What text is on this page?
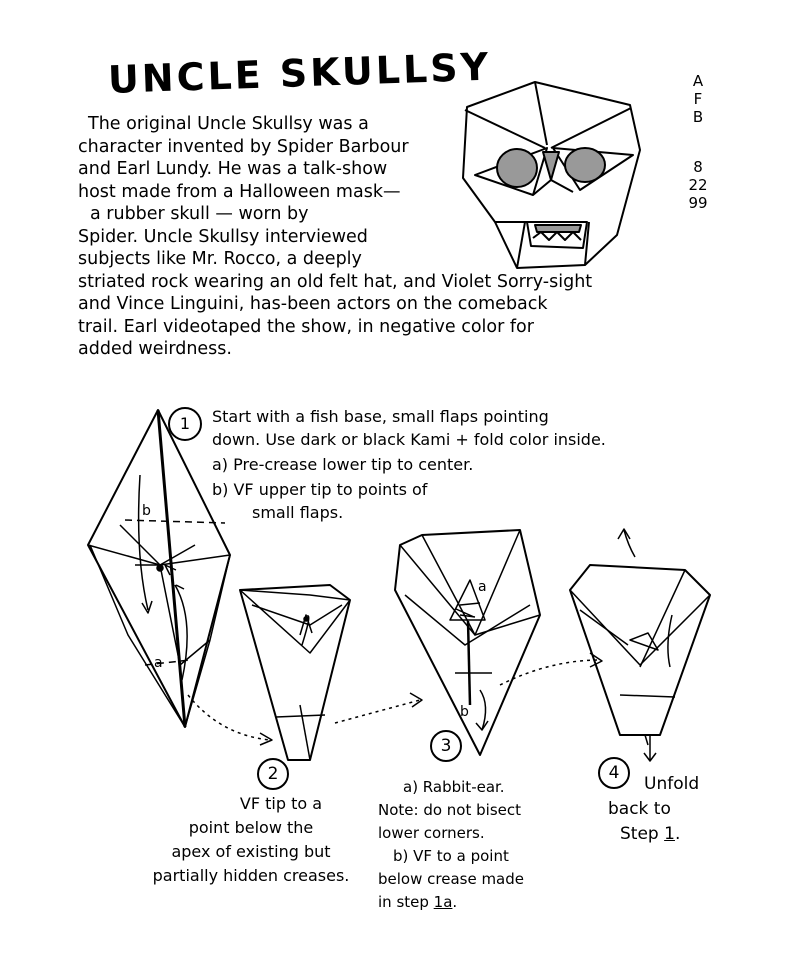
UNCLE SKULLSY
The original Uncle Skullsy was a
character invented by Spider Barbour
and Earl Lundy. He was a talk-show
host made from a Halloween mask—
a rubber skull — worn by
Spider. Uncle Skullsy interviewed
subjects like Mr. Rocco, a deeply
striated rock wearing an old felt hat, and Violet Sorry-sight
and Vince Linguini, has-been actors on the comeback
trail. Earl videotaped the show, in negative color for
added weirdness.
A
F
B
8
22
99
1	Start with a fish base, small flaps pointing
down. Use dark or black Kami + fold color inside.
a) Pre-crease lower tip to center.
b) VF upper tip to points of
small flaps.
b
a
a
b
2
3
4
VF tip to a
point below the
apex of existing but
partially hidden creases.
a) Rabbit-ear.
Note: do not bisect
lower corners.
b) VF to a point
below crease made
in step 1a.
Unfold
back to
Step 1.
